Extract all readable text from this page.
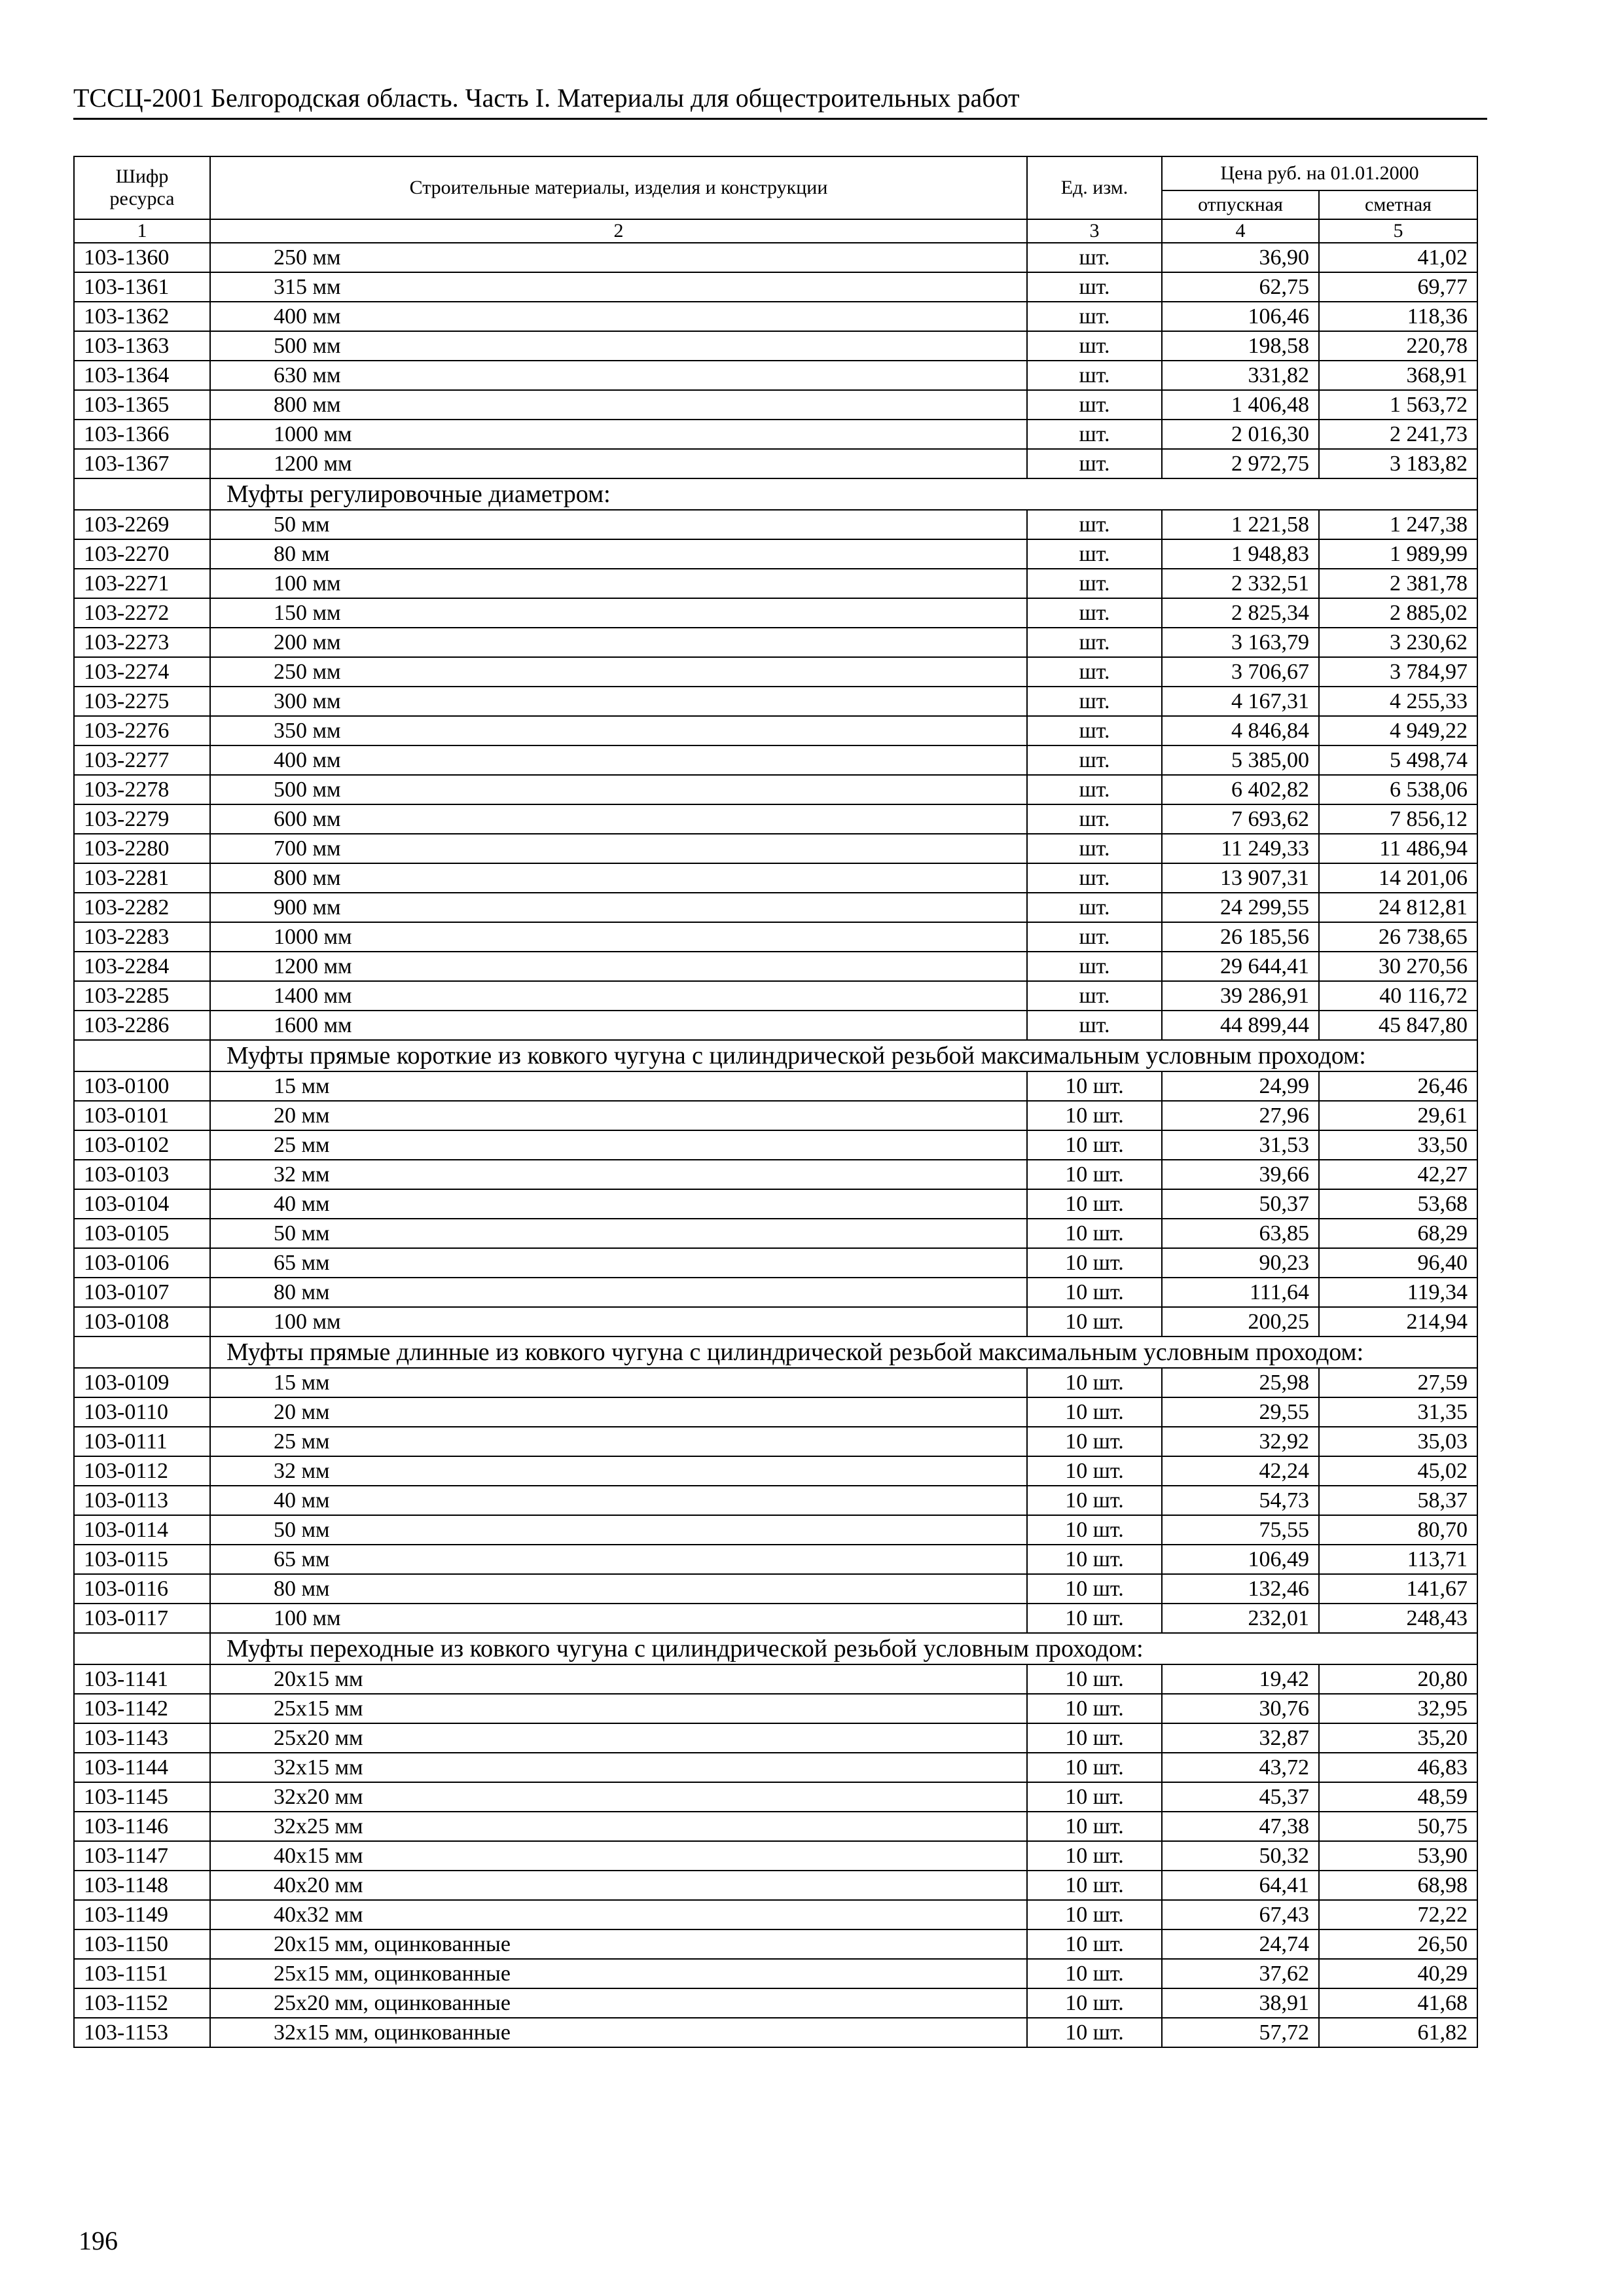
ТССЦ-2001 Белгородская область. Часть I. Материалы для общестроительных работ
Шифр ресурса	Строительные материалы, изделия и конструкции	Ед. изм.	Цена руб. на 01.01.2000	
			отпускная	сметная
1	2	3	4	5
103-1360	250 мм	шт.	36,90	41,02
103-1361	315 мм	шт.	62,75	69,77
103-1362	400 мм	шт.	106,46	118,36
103-1363	500 мм	шт.	198,58	220,78
103-1364	630 мм	шт.	331,82	368,91
103-1365	800 мм	шт.	1 406,48	1 563,72
103-1366	1000 мм	шт.	2 016,30	2 241,73
103-1367	1200 мм	шт.	2 972,75	3 183,82
	Муфты регулировочные диаметром:			
103-2269	50 мм	шт.	1 221,58	1 247,38
103-2270	80 мм	шт.	1 948,83	1 989,99
103-2271	100 мм	шт.	2 332,51	2 381,78
103-2272	150 мм	шт.	2 825,34	2 885,02
103-2273	200 мм	шт.	3 163,79	3 230,62
103-2274	250 мм	шт.	3 706,67	3 784,97
103-2275	300 мм	шт.	4 167,31	4 255,33
103-2276	350 мм	шт.	4 846,84	4 949,22
103-2277	400 мм	шт.	5 385,00	5 498,74
103-2278	500 мм	шт.	6 402,82	6 538,06
103-2279	600 мм	шт.	7 693,62	7 856,12
103-2280	700 мм	шт.	11 249,33	11 486,94
103-2281	800 мм	шт.	13 907,31	14 201,06
103-2282	900 мм	шт.	24 299,55	24 812,81
103-2283	1000 мм	шт.	26 185,56	26 738,65
103-2284	1200 мм	шт.	29 644,41	30 270,56
103-2285	1400 мм	шт.	39 286,91	40 116,72
103-2286	1600 мм	шт.	44 899,44	45 847,80
	Муфты прямые короткие из ковкого чугуна с цилиндрической резьбой максимальным условным проходом:			
103-0100	15 мм	10 шт.	24,99	26,46
103-0101	20 мм	10 шт.	27,96	29,61
103-0102	25 мм	10 шт.	31,53	33,50
103-0103	32 мм	10 шт.	39,66	42,27
103-0104	40 мм	10 шт.	50,37	53,68
103-0105	50 мм	10 шт.	63,85	68,29
103-0106	65 мм	10 шт.	90,23	96,40
103-0107	80 мм	10 шт.	111,64	119,34
103-0108	100 мм	10 шт.	200,25	214,94
	Муфты прямые длинные из ковкого чугуна с цилиндрической резьбой максимальным условным проходом:			
103-0109	15 мм	10 шт.	25,98	27,59
103-0110	20 мм	10 шт.	29,55	31,35
103-0111	25 мм	10 шт.	32,92	35,03
103-0112	32 мм	10 шт.	42,24	45,02
103-0113	40 мм	10 шт.	54,73	58,37
103-0114	50 мм	10 шт.	75,55	80,70
103-0115	65 мм	10 шт.	106,49	113,71
103-0116	80 мм	10 шт.	132,46	141,67
103-0117	100 мм	10 шт.	232,01	248,43
	Муфты переходные из ковкого чугуна с цилиндрической резьбой условным проходом:			
103-1141	20x15 мм	10 шт.	19,42	20,80
103-1142	25x15 мм	10 шт.	30,76	32,95
103-1143	25x20 мм	10 шт.	32,87	35,20
103-1144	32x15 мм	10 шт.	43,72	46,83
103-1145	32x20 мм	10 шт.	45,37	48,59
103-1146	32x25 мм	10 шт.	47,38	50,75
103-1147	40x15 мм	10 шт.	50,32	53,90
103-1148	40x20 мм	10 шт.	64,41	68,98
103-1149	40x32 мм	10 шт.	67,43	72,22
103-1150	20x15 мм, оцинкованные	10 шт.	24,74	26,50
103-1151	25x15 мм, оцинкованные	10 шт.	37,62	40,29
103-1152	25x20 мм, оцинкованные	10 шт.	38,91	41,68
103-1153	32x15 мм, оцинкованные	10 шт.	57,72	61,82
196
